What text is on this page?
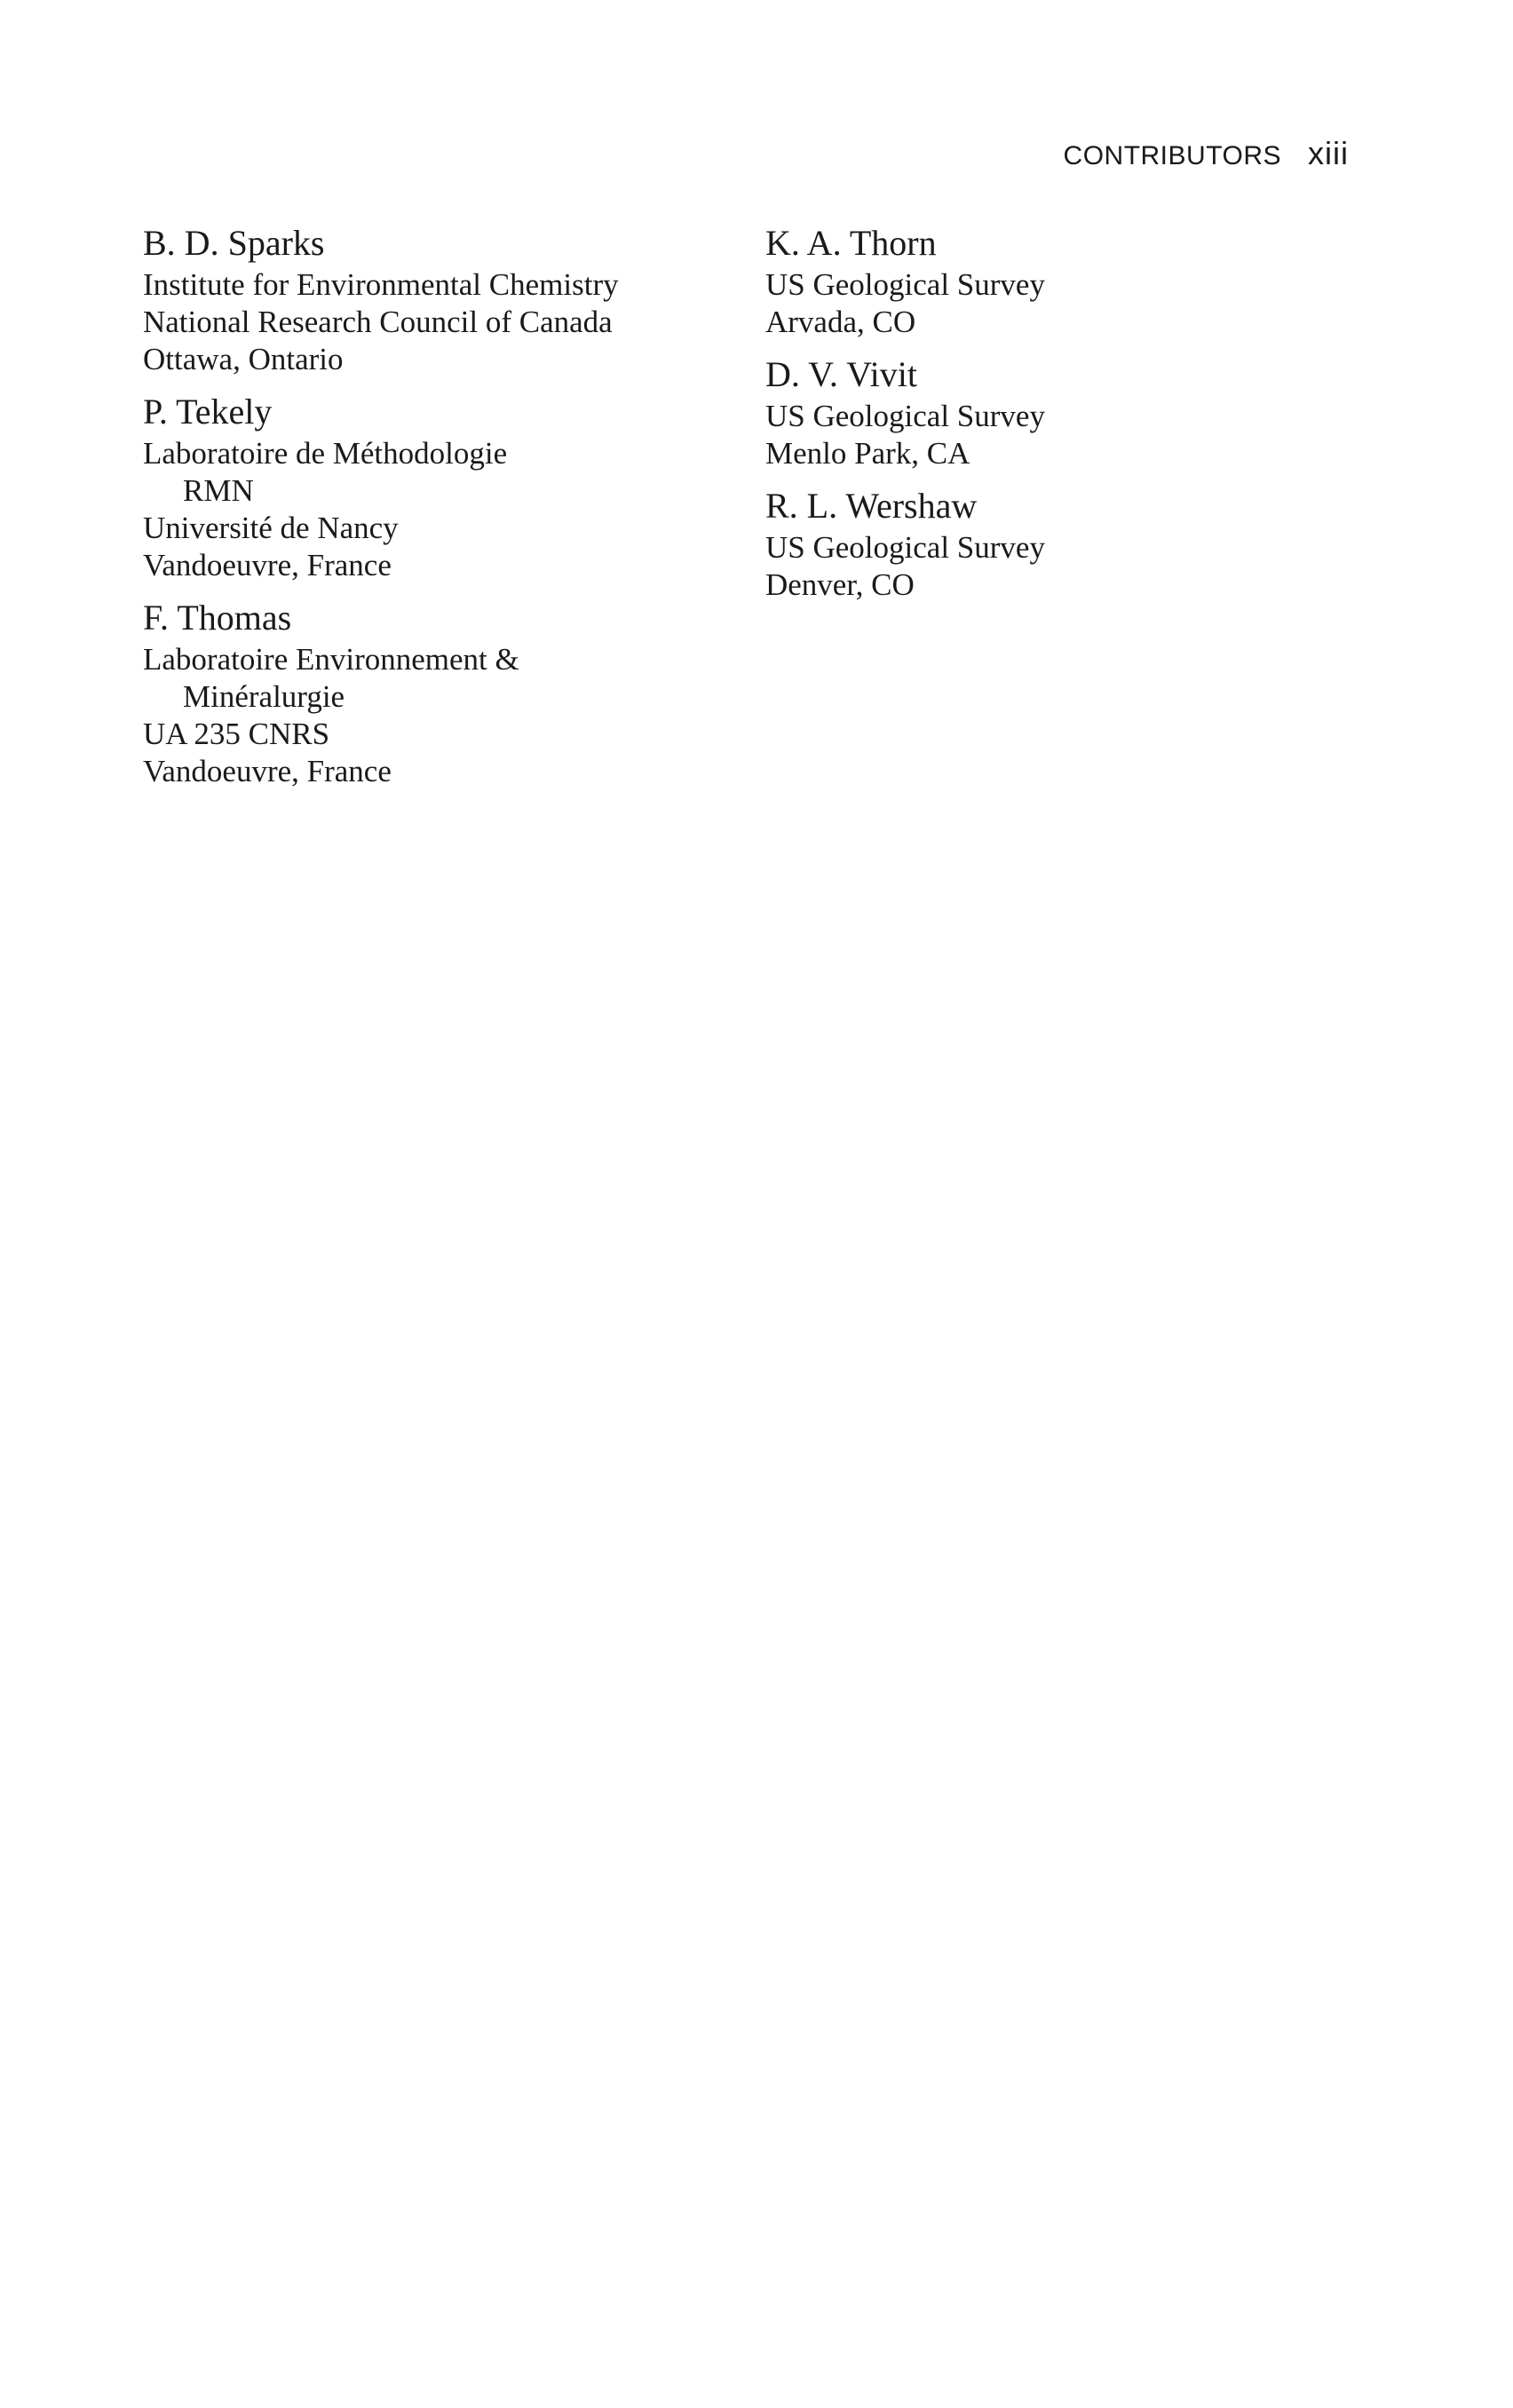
CONTRIBUTORS xiii
B. D. Sparks
Institute for Environmental Chemistry
National Research Council of Canada
Ottawa, Ontario
P. Tekely
Laboratoire de Méthodologie
RMN
Université de Nancy
Vandoeuvre, France
F. Thomas
Laboratoire Environnement &
Minéralurgie
UA 235 CNRS
Vandoeuvre, France
K. A. Thorn
US Geological Survey
Arvada, CO
D. V. Vivit
US Geological Survey
Menlo Park, CA
R. L. Wershaw
US Geological Survey
Denver, CO
